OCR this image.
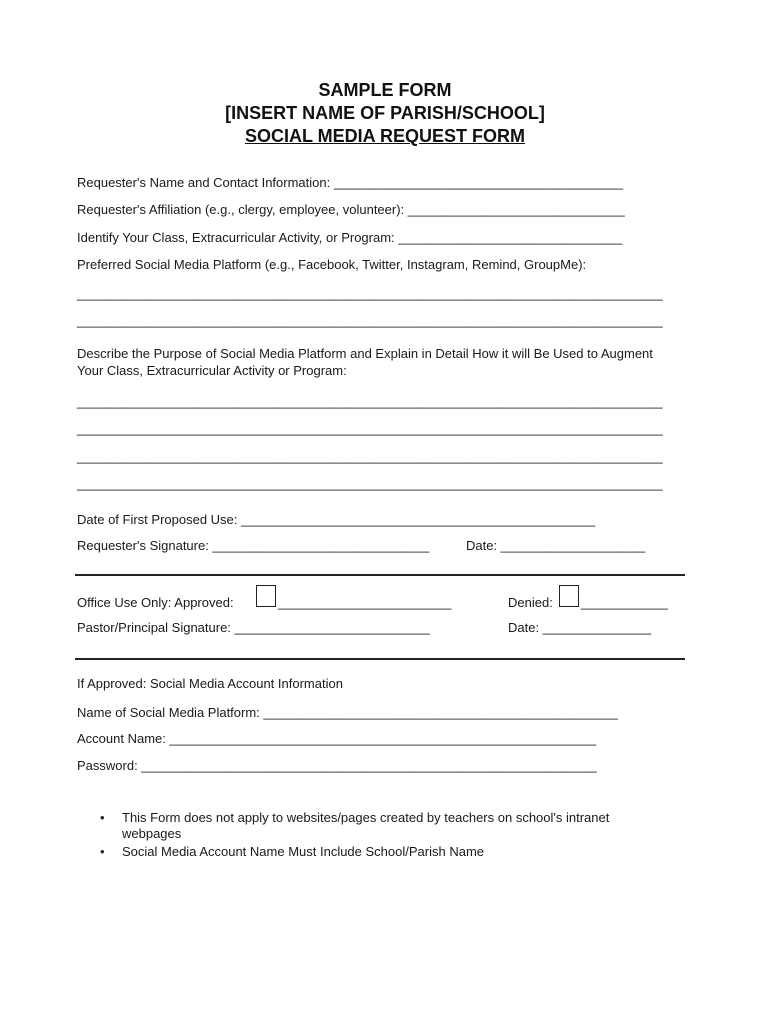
SAMPLE FORM
[INSERT NAME OF PARISH/SCHOOL]
SOCIAL MEDIA REQUEST FORM
Requester's Name and Contact Information: ________________________________________
Requester's Affiliation (e.g., clergy, employee, volunteer): ______________________________
Identify Your Class, Extracurricular Activity, or Program: _______________________________
Preferred Social Media Platform (e.g., Facebook, Twitter, Instagram, Remind, GroupMe):
_________________________________________________________________________________
_________________________________________________________________________________
Describe the Purpose of Social Media Platform and Explain in Detail How it will Be Used to Augment
Your Class, Extracurricular Activity or Program:
_________________________________________________________________________________
_________________________________________________________________________________
_________________________________________________________________________________
_________________________________________________________________________________
Date of First Proposed Use: _________________________________________________
Requester's Signature: ______________________________	Date: ____________________
Office Use Only: Approved:	________________________	Denied: ____________
Pastor/Principal Signature: ___________________________	Date: _______________
If Approved: Social Media Account Information
Name of Social Media Platform: _________________________________________________
Account Name: ___________________________________________________________
Password: _______________________________________________________________
• This Form does not apply to websites/pages created by teachers on school's intranet webpages
• Social Media Account Name Must Include School/Parish Name
